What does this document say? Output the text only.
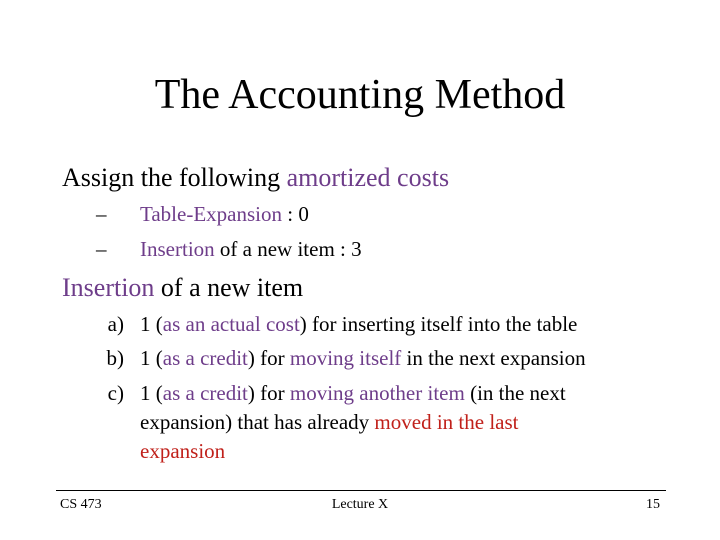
The Accounting Method
Assign the following amortized costs
– Table-Expansion : 0
– Insertion of a new item : 3
Insertion of a new item
a) 1 (as an actual cost) for inserting itself into the table
b) 1 (as a credit) for moving itself in the next expansion
c) 1 (as a credit) for moving another item (in the next
expansion) that has already moved in the last
expansion
CS 473	Lecture X	15
